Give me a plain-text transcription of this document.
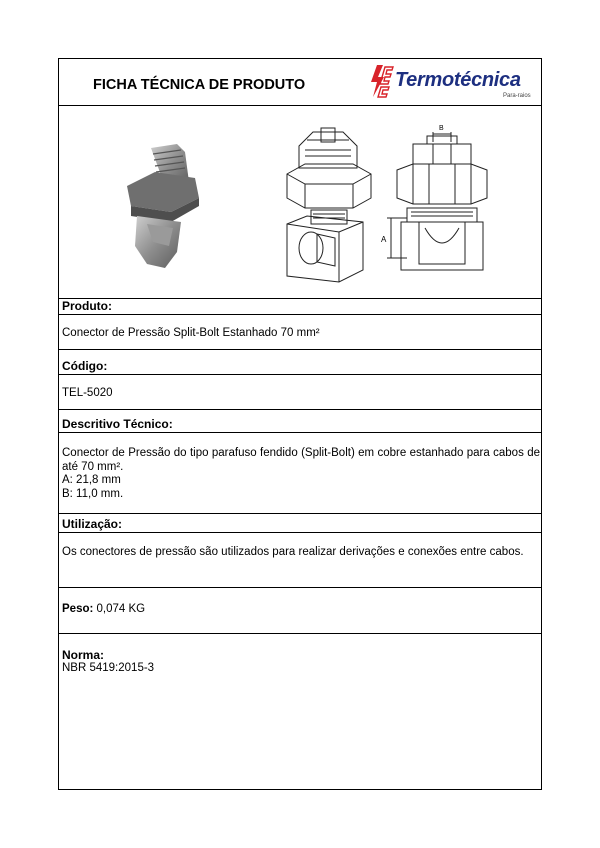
FICHA TÉCNICA DE PRODUTO	Termotécnica
Para-raios
B
A
Produto:
Conector de Pressão Split-Bolt Estanhado 70 mm²
Código:
TEL-5020
Descritivo Técnico:
Conector de Pressão do tipo parafuso fendido (Split-Bolt) em cobre estanhado para cabos de até 70 mm².
A: 21,8 mm
B: 11,0 mm.
Utilização:
Os conectores de pressão são utilizados para realizar derivações e conexões entre cabos.
Peso: 0,074 KG
Norma:
NBR 5419:2015-3
